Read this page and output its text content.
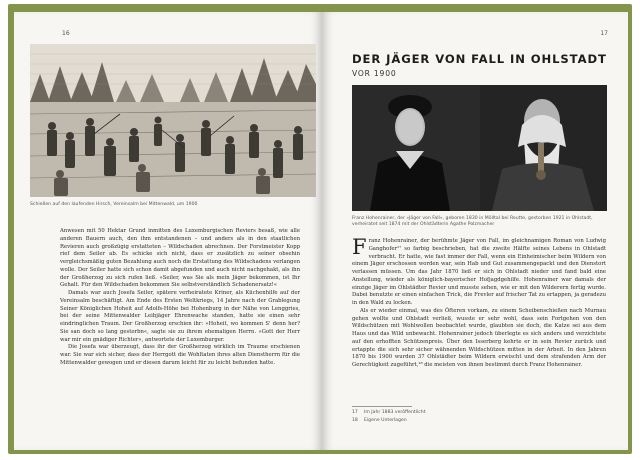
16
Schießen auf den laufenden Hirsch, Vereinsalm bei Mittenwald, um 1900

Anwesen mit 50 Hektar Grund inmitten des Luxemburgischen Reviers besaß, wie alle anderen Bauern auch, den ihm entstandenen – und anders als in den staatlichen Revieren auch großzügig erstatteten – Wildschaden abrechnen. Der Forstmeister Kopp rief dem Seiler ab. Es schicke sich nicht, dass er zusätzlich zu seiner obsehin vergleichsmäßig guten Bezahlung auch noch die Erstattung des Wildschadens verlangen wolle. Der Seiler hatte sich schon damit abgefunden und auch nicht nachgehakt, als ihn der Großherzog zu sich rufen ließ. »Seiler, was Sie als mein Jäger bekommen, ist Ihr Gehalt. Für den Wildschaden bekommen Sie selbstverständlich Schadenersatz!«

Damals war auch Josefa Seiler, spätere verheiratete Kriner, als Küchenhilfe auf der Vereinsalm beschäftigt. Am Ende des Ersten Weltkriegs, 14 Jahre nach der Grablegung Seiner Königlichen Hoheit auf Adolfs-Höhe bei Hohenburg in der Nähe von Lenggries, bei der seine Mittenwalder Leibjäger Ehrenwache standen, hatte sie einen sehr eindringlichen Traum. Der Großherzog erschien ihr: »Hoheit, wo kommen S' denn her? Sie san doch so lang gestorbn«, sagte sie zu ihrem ehemaligen Herrn. »Gott der Herr war mir ein gnädiger Richter«, antwortete der Luxemburger.

Die Josefa war überzeugt, dass ihr der Großherzog wirklich im Traume erschienen war. Sie war sich sicher, dass der Herrgott die Wohltaten ihres alten Dienstherrn für die Mittenwalder gewogen und er diesen darum leicht für zu leicht befunden hatte.

17
DER JÄGER VON FALL IN OHLSTADT
VOR 1900
Franz Hohenrainer, der »Jäger von Fall«, geboren 1830 in Mölltal bei Reutte, gestorben 1921 in Ohlstadt, verheiratet seit 1874 mit der Ohlstädterin Agathe Polzmacher

Franz Hohenrainer, der berühmte Jäger von Fall, im gleichnamigen Roman von Ludwig Ganghofer¹⁷ so farbig beschrieben, hat die zweite Hälfte seines Lebens in Ohlstadt verbracht. Er hatte, wie fast immer der Fall, wenn ein Einheimischer beim Wildern von einem Jäger erschossen worden war, sein Hab und Gut zusammengepackt und den Dienstort verlassen müssen. Um das Jahr 1870 ließ er sich in Ohlstadt nieder und fand bald eine Anstellung, wieder als königlich-bayerischer Hofjagdgehilfe. Hohenrainer war damals der einzige Jäger im Ohlstädter Revier und musste sehen, wie er mit den Wilderern fertig wurde. Dabei benutzte er einen einfachen Trick, die Frevler auf frischer Tat zu ertappen, ja geradezu in den Wald zu locken.

Als er wieder einmal, was des Öfteren vorkam, zu einem Scheibenschießen nach Murnau gehen wollte und Ohlstadt verließ, wusste er sehr wohl, dass sein Fortgehen von den Wildschützen mit Wohlwollen beobachtet wurde, glaubten sie doch, die Katze sei aus dem Haus und das Wild unbewacht. Hohenrainer jedoch überlegte es sich anders und verzichtete auf den erhofften Schützenpreis. Über den Isserberg kehrte er in sein Revier zurück und ertappte die sich sehr sicher wähnenden Wildschützen mitten in der Arbeit. In den Jahren 1870 bis 1900 wurden 37 Ohlstädter beim Wildern erwischt und dem strafenden Arm der Gerechtigkeit zugeführt,¹⁸ die meisten von ihnen bestimmt durch Franz Hohenrainer.

17 Im Jahr 1883 veröffentlicht
18 Eigene Unterlagen
